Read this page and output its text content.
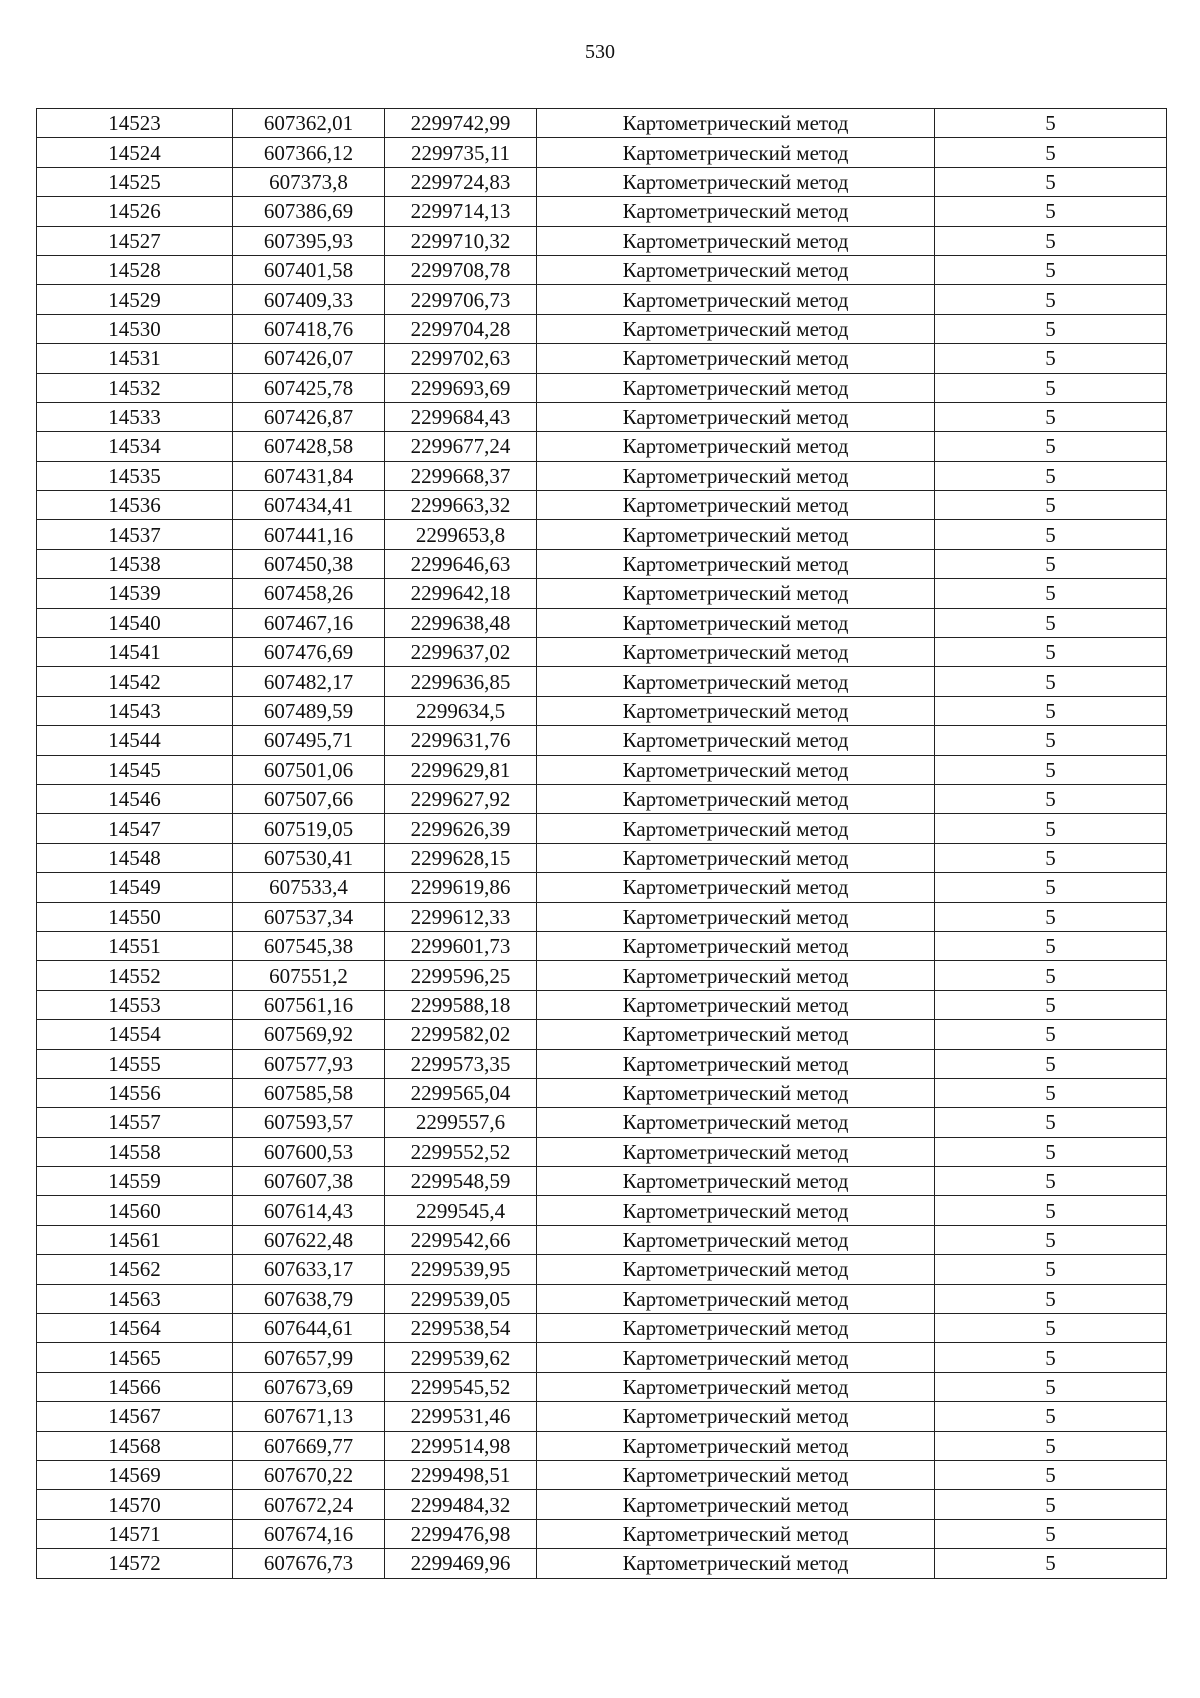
530
14523	607362,01	2299742,99	Картометрический метод	5
14524	607366,12	2299735,11	Картометрический метод	5
14525	607373,8	2299724,83	Картометрический метод	5
14526	607386,69	2299714,13	Картометрический метод	5
14527	607395,93	2299710,32	Картометрический метод	5
14528	607401,58	2299708,78	Картометрический метод	5
14529	607409,33	2299706,73	Картометрический метод	5
14530	607418,76	2299704,28	Картометрический метод	5
14531	607426,07	2299702,63	Картометрический метод	5
14532	607425,78	2299693,69	Картометрический метод	5
14533	607426,87	2299684,43	Картометрический метод	5
14534	607428,58	2299677,24	Картометрический метод	5
14535	607431,84	2299668,37	Картометрический метод	5
14536	607434,41	2299663,32	Картометрический метод	5
14537	607441,16	2299653,8	Картометрический метод	5
14538	607450,38	2299646,63	Картометрический метод	5
14539	607458,26	2299642,18	Картометрический метод	5
14540	607467,16	2299638,48	Картометрический метод	5
14541	607476,69	2299637,02	Картометрический метод	5
14542	607482,17	2299636,85	Картометрический метод	5
14543	607489,59	2299634,5	Картометрический метод	5
14544	607495,71	2299631,76	Картометрический метод	5
14545	607501,06	2299629,81	Картометрический метод	5
14546	607507,66	2299627,92	Картометрический метод	5
14547	607519,05	2299626,39	Картометрический метод	5
14548	607530,41	2299628,15	Картометрический метод	5
14549	607533,4	2299619,86	Картометрический метод	5
14550	607537,34	2299612,33	Картометрический метод	5
14551	607545,38	2299601,73	Картометрический метод	5
14552	607551,2	2299596,25	Картометрический метод	5
14553	607561,16	2299588,18	Картометрический метод	5
14554	607569,92	2299582,02	Картометрический метод	5
14555	607577,93	2299573,35	Картометрический метод	5
14556	607585,58	2299565,04	Картометрический метод	5
14557	607593,57	2299557,6	Картометрический метод	5
14558	607600,53	2299552,52	Картометрический метод	5
14559	607607,38	2299548,59	Картометрический метод	5
14560	607614,43	2299545,4	Картометрический метод	5
14561	607622,48	2299542,66	Картометрический метод	5
14562	607633,17	2299539,95	Картометрический метод	5
14563	607638,79	2299539,05	Картометрический метод	5
14564	607644,61	2299538,54	Картометрический метод	5
14565	607657,99	2299539,62	Картометрический метод	5
14566	607673,69	2299545,52	Картометрический метод	5
14567	607671,13	2299531,46	Картометрический метод	5
14568	607669,77	2299514,98	Картометрический метод	5
14569	607670,22	2299498,51	Картометрический метод	5
14570	607672,24	2299484,32	Картометрический метод	5
14571	607674,16	2299476,98	Картометрический метод	5
14572	607676,73	2299469,96	Картометрический метод	5
